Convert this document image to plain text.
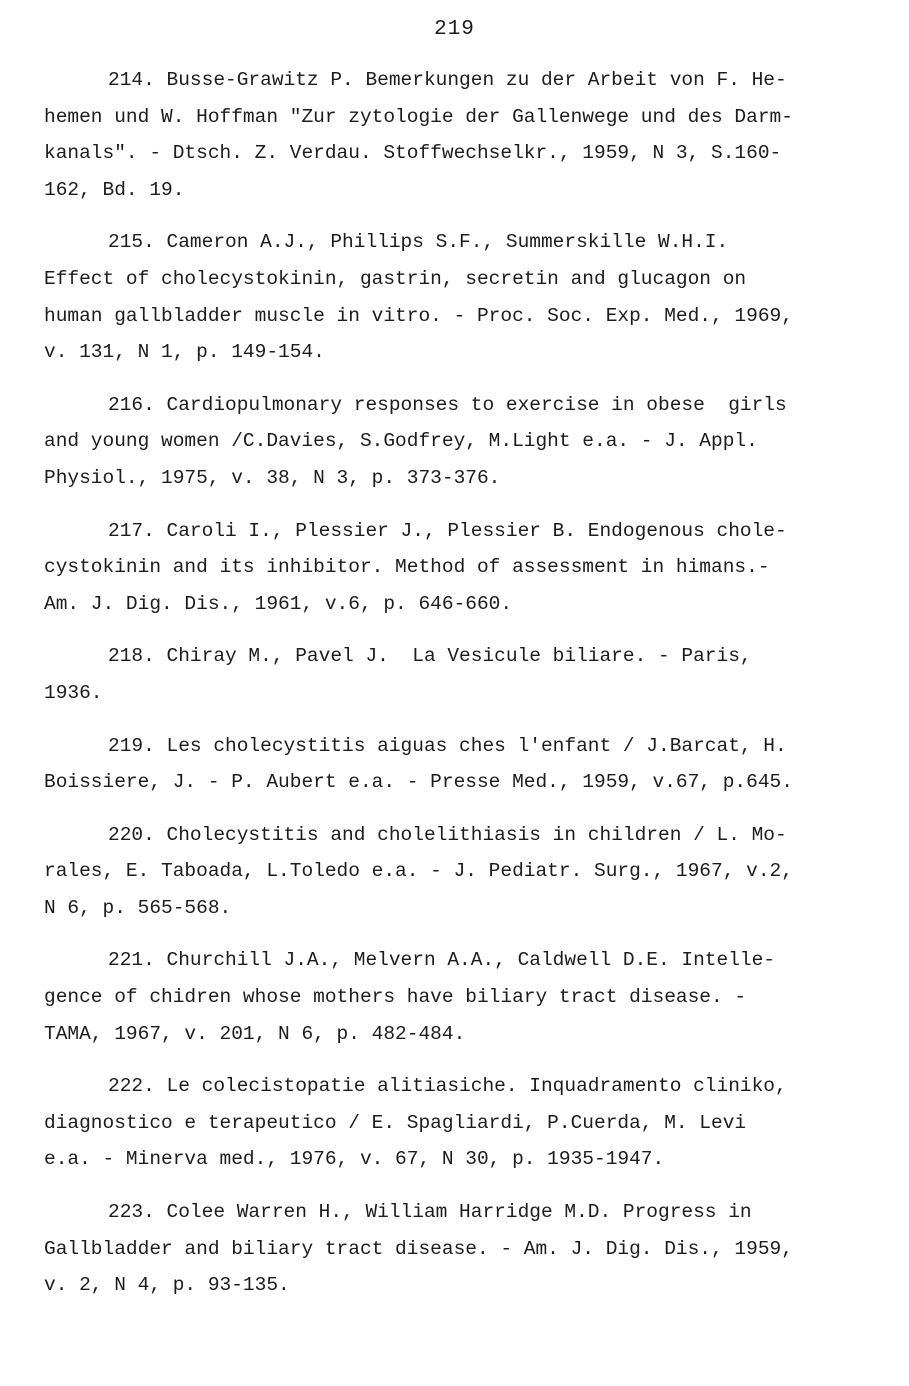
219
214. Busse-Grawitz P. Bemerkungen zu der Arbeit von F. He-
hemen und W. Hoffman "Zur zytologie der Gallenwege und des Darm-
kanals". - Dtsch. Z. Verdau. Stoffwechselkr., 1959, N 3, S.160-
162, Bd. 19.
215. Cameron A.J., Phillips S.F., Summerskille W.H.I.
Effect of cholecystokinin, gastrin, secretin and glucagon on
human gallbladder muscle in vitro. - Proc. Soc. Exp. Med., 1969,
v. 131, N 1, p. 149-154.
216. Cardiopulmonary responses to exercise in obese  girls
and young women /C.Davies, S.Godfrey, M.Light e.a. - J. Appl.
Physiol., 1975, v. 38, N 3, p. 373-376.
217. Caroli I., Plessier J., Plessier B. Endogenous chole-
cystokinin and its inhibitor. Method of assessment in himans.-
Am. J. Dig. Dis., 1961, v.6, p. 646-660.
218. Chiray M., Pavel J.  La Vesicule biliare. - Paris,
1936.
219. Les cholecystitis aiguas ches l'enfant / J.Barcat, H.
Boissiere, J. - P. Aubert e.a. - Presse Med., 1959, v.67, p.645.
220. Cholecystitis and cholelithiasis in children / L. Mo-
rales, E. Taboada, L.Toledo e.a. - J. Pediatr. Surg., 1967, v.2,
N 6, p. 565-568.
221. Churchill J.A., Melvern A.A., Caldwell D.E. Intelle-
gence of chidren whose mothers have biliary tract disease. -
TAMA, 1967, v. 201, N 6, p. 482-484.
222. Le colecistopatie alitiasiche. Inquadramento cliniko,
diagnostico e terapeutico / E. Spagliardi, P.Cuerda, M. Levi
e.a. - Minerva med., 1976, v. 67, N 30, p. 1935-1947.
223. Colee Warren H., William Harridge M.D. Progress in
Gallbladder and biliary tract disease. - Am. J. Dig. Dis., 1959,
v. 2, N 4, p. 93-135.
